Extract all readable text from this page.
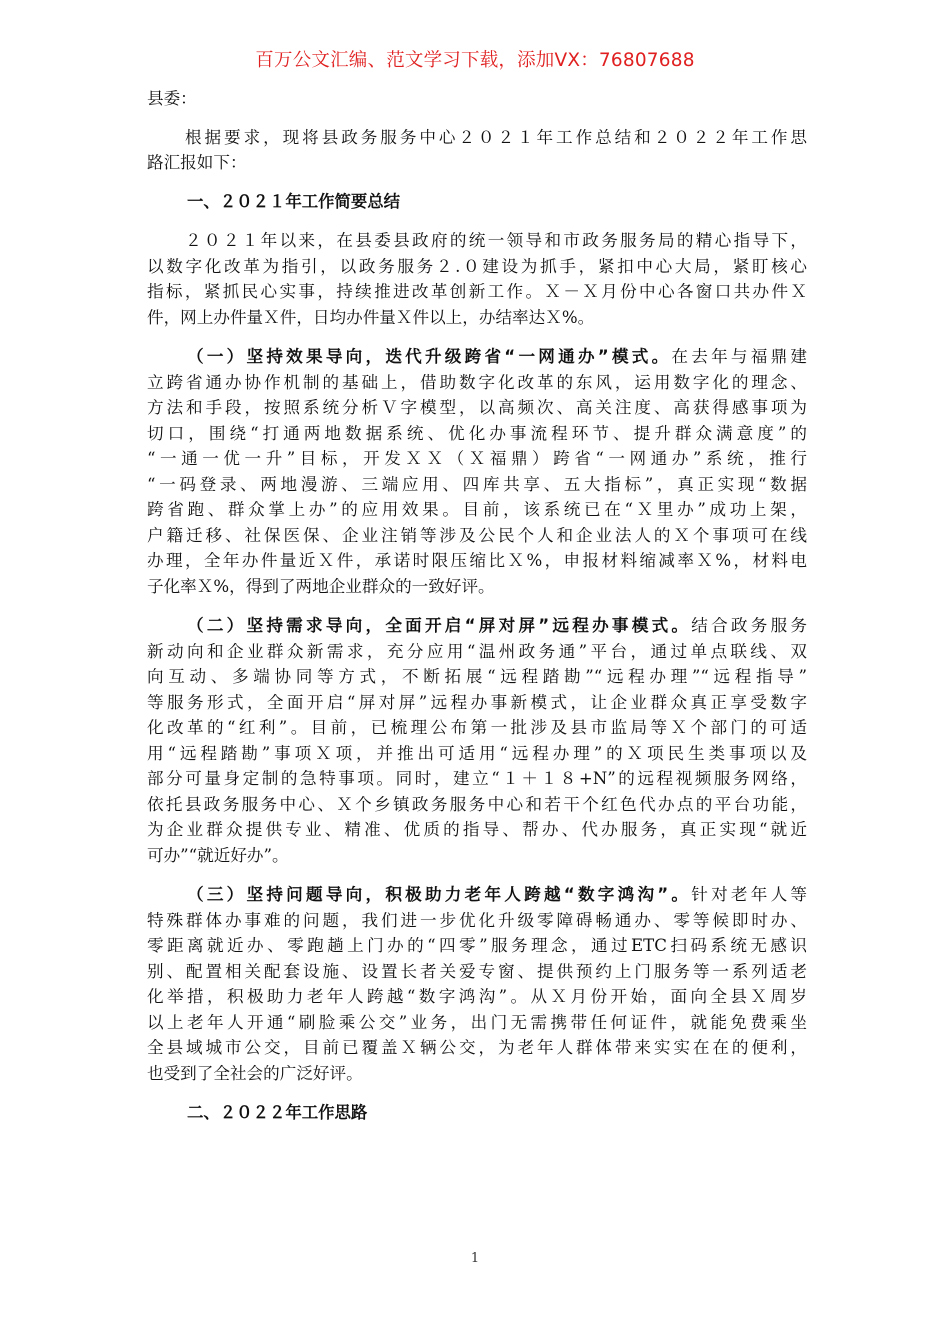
百万公文汇编、范文学习下载，添加VX：76807688
县委：
根据要求，现将县政务服务中心２０２１年工作总结和２０２２年工作思
路汇报如下：
一、２０２１年工作简要总结
２０２１年以来，在县委县政府的统一领导和市政务服务局的精心指导下，
以数字化改革为指引，以政务服务２.０建设为抓手，紧扣中心大局，紧盯核心
指标，紧抓民心实事，持续推进改革创新工作。Ｘ－Ｘ月份中心各窗口共办件Ｘ
件，网上办件量Ｘ件，日均办件量Ｘ件以上，办结率达Ｘ%。
（一）坚持效果导向，迭代升级跨省“一网通办”模式。在去年与福鼎建
立跨省通办协作机制的基础上，借助数字化改革的东风，运用数字化的理念、
方法和手段，按照系统分析Ｖ字模型，以高频次、高关注度、高获得感事项为
切口，围绕“打通两地数据系统、优化办事流程环节、提升群众满意度”的
“一通一优一升”目标，开发ＸＸ（Ｘ福鼎）跨省“一网通办”系统，推行
“一码登录、两地漫游、三端应用、四库共享、五大指标”，真正实现“数据
跨省跑、群众掌上办”的应用效果。目前，该系统已在“Ｘ里办”成功上架，
户籍迁移、社保医保、企业注销等涉及公民个人和企业法人的Ｘ个事项可在线
办理，全年办件量近Ｘ件，承诺时限压缩比Ｘ%，申报材料缩减率Ｘ%，材料电
子化率Ｘ%，得到了两地企业群众的一致好评。
（二）坚持需求导向，全面开启“屏对屏”远程办事模式。结合政务服务
新动向和企业群众新需求，充分应用“温州政务通”平台，通过单点联线、双
向互动、多端协同等方式，不断拓展“远程踏勘”“远程办理”“远程指导”
等服务形式，全面开启“屏对屏”远程办事新模式，让企业群众真正享受数字
化改革的“红利”。目前，已梳理公布第一批涉及县市监局等Ｘ个部门的可适
用“远程踏勘”事项Ｘ项，并推出可适用“远程办理”的Ｘ项民生类事项以及
部分可量身定制的急特事项。同时，建立“１＋１８+N”的远程视频服务网络，
依托县政务服务中心、Ｘ个乡镇政务服务中心和若干个红色代办点的平台功能，
为企业群众提供专业、精准、优质的指导、帮办、代办服务，真正实现“就近
可办”“就近好办”。
（三）坚持问题导向，积极助力老年人跨越“数字鸿沟”。针对老年人等
特殊群体办事难的问题，我们进一步优化升级零障碍畅通办、零等候即时办、
零距离就近办、零跑趟上门办的“四零”服务理念，通过ETC扫码系统无感识
别、配置相关配套设施、设置长者关爱专窗、提供预约上门服务等一系列适老
化举措，积极助力老年人跨越“数字鸿沟”。从Ｘ月份开始，面向全县Ｘ周岁
以上老年人开通“刷脸乘公交”业务，出门无需携带任何证件，就能免费乘坐
全县域城市公交，目前已覆盖Ｘ辆公交，为老年人群体带来实实在在的便利，
也受到了全社会的广泛好评。
二、２０２２年工作思路
1
